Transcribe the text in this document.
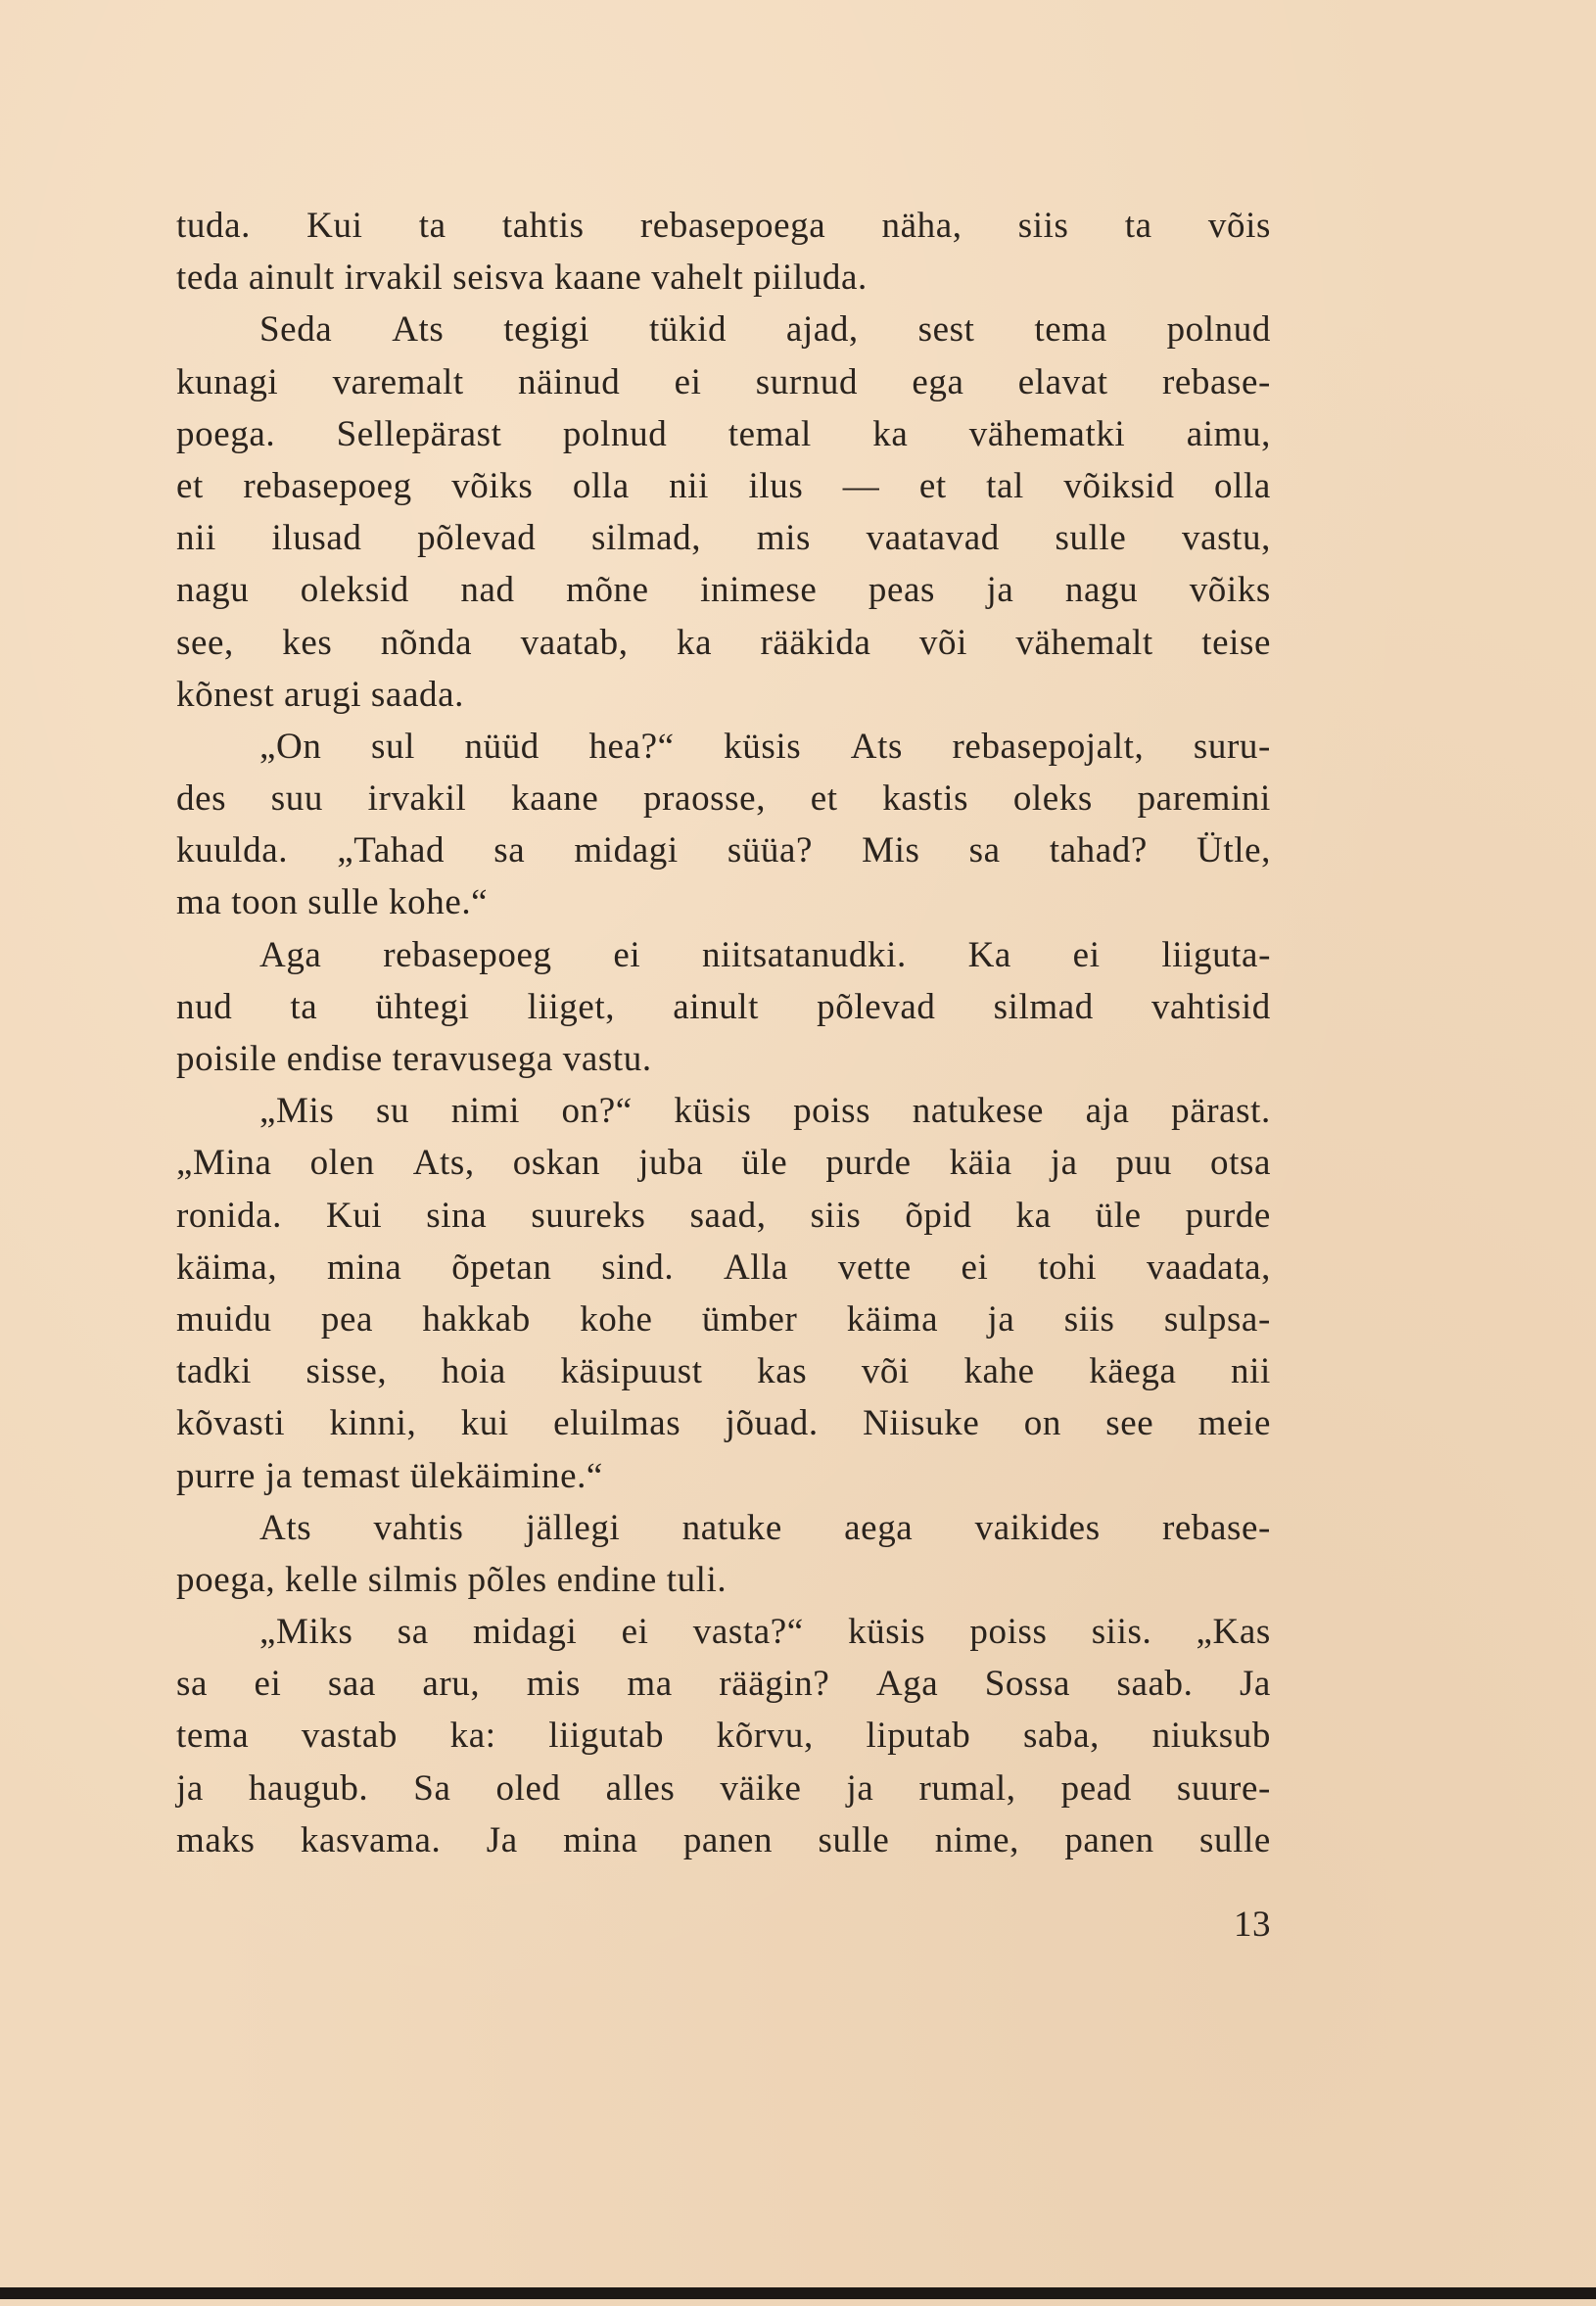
tuda. Kui ta tahtis rebasepoega näha, siis ta võis
teda ainult irvakil seisva kaane vahelt piiluda.
Seda Ats tegigi tükid ajad, sest tema polnud
kunagi varemalt näinud ei surnud ega elavat rebase-
poega. Sellepärast polnud temal ka vähematki aimu,
et rebasepoeg võiks olla nii ilus — et tal võiksid olla
nii ilusad põlevad silmad, mis vaatavad sulle vastu,
nagu oleksid nad mõne inimese peas ja nagu võiks
see, kes nõnda vaatab, ka rääkida või vähemalt teise
kõnest arugi saada.
„On sul nüüd hea?“ küsis Ats rebasepojalt, suru-
des suu irvakil kaane praosse, et kastis oleks paremini
kuulda. „Tahad sa midagi süüa? Mis sa tahad? Ütle,
ma toon sulle kohe.“
Aga rebasepoeg ei niitsatanudki. Ka ei liiguta-
nud ta ühtegi liiget, ainult põlevad silmad vahtisid
poisile endise teravusega vastu.
„Mis su nimi on?“ küsis poiss natukese aja pärast.
„Mina olen Ats, oskan juba üle purde käia ja puu otsa
ronida. Kui sina suureks saad, siis õpid ka üle purde
käima, mina õpetan sind. Alla vette ei tohi vaadata,
muidu pea hakkab kohe ümber käima ja siis sulpsa-
tadki sisse, hoia käsipuust kas või kahe käega nii
kõvasti kinni, kui eluilmas jõuad. Niisuke on see meie
purre ja temast ülekäimine.“
Ats vahtis jällegi natuke aega vaikides rebase-
poega, kelle silmis põles endine tuli.
„Miks sa midagi ei vasta?“ küsis poiss siis. „Kas
sa ei saa aru, mis ma räägin? Aga Sossa saab. Ja
tema vastab ka: liigutab kõrvu, liputab saba, niuksub
ja haugub. Sa oled alles väike ja rumal, pead suure-
maks kasvama. Ja mina panen sulle nime, panen sulle
13
